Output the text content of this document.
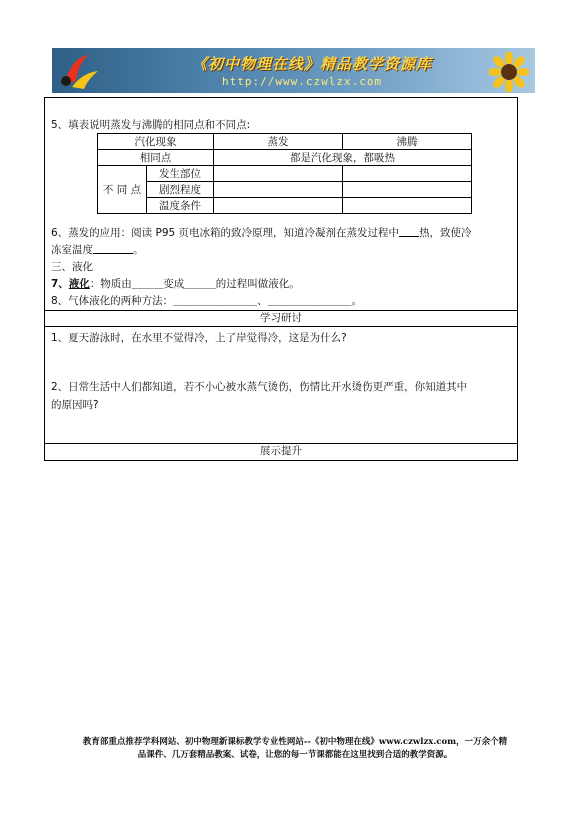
《初中物理在线》精品教学资源库
http://www.czwlzx.com
5、填表说明蒸发与沸腾的相同点和不同点:
汽化现象		蒸发	沸腾
相同点		都是汽化现象，都吸热	
不 同 点	发生部位		
	剧烈程度		
	温度条件		
6、蒸发的应用：阅读 P95 页电冰箱的致冷原理，知道冷凝剂在蒸发过程中 热，致使冷
冻室温度	。
三、液化
7、液化：物质由＿＿＿变成＿＿＿的过程叫做液化。
8、气体液化的两种方法：＿＿＿＿＿＿＿＿、＿＿＿＿＿＿＿＿。
学习研讨
1、夏天游泳时，在水里不觉得冷，上了岸觉得冷，这是为什么?
2、日常生活中人们都知道，若不小心被水蒸气烫伤，伤情比开水烫伤更严重，你知道其中
的原因吗?
展示提升
教育部重点推荐学科网站、初中物理新课标教学专业性网站--《初中物理在线》www.czwlzx.com，一万余个精
品课件、几万套精品教案、试卷，让您的每一节课都能在这里找到合适的教学资源。
